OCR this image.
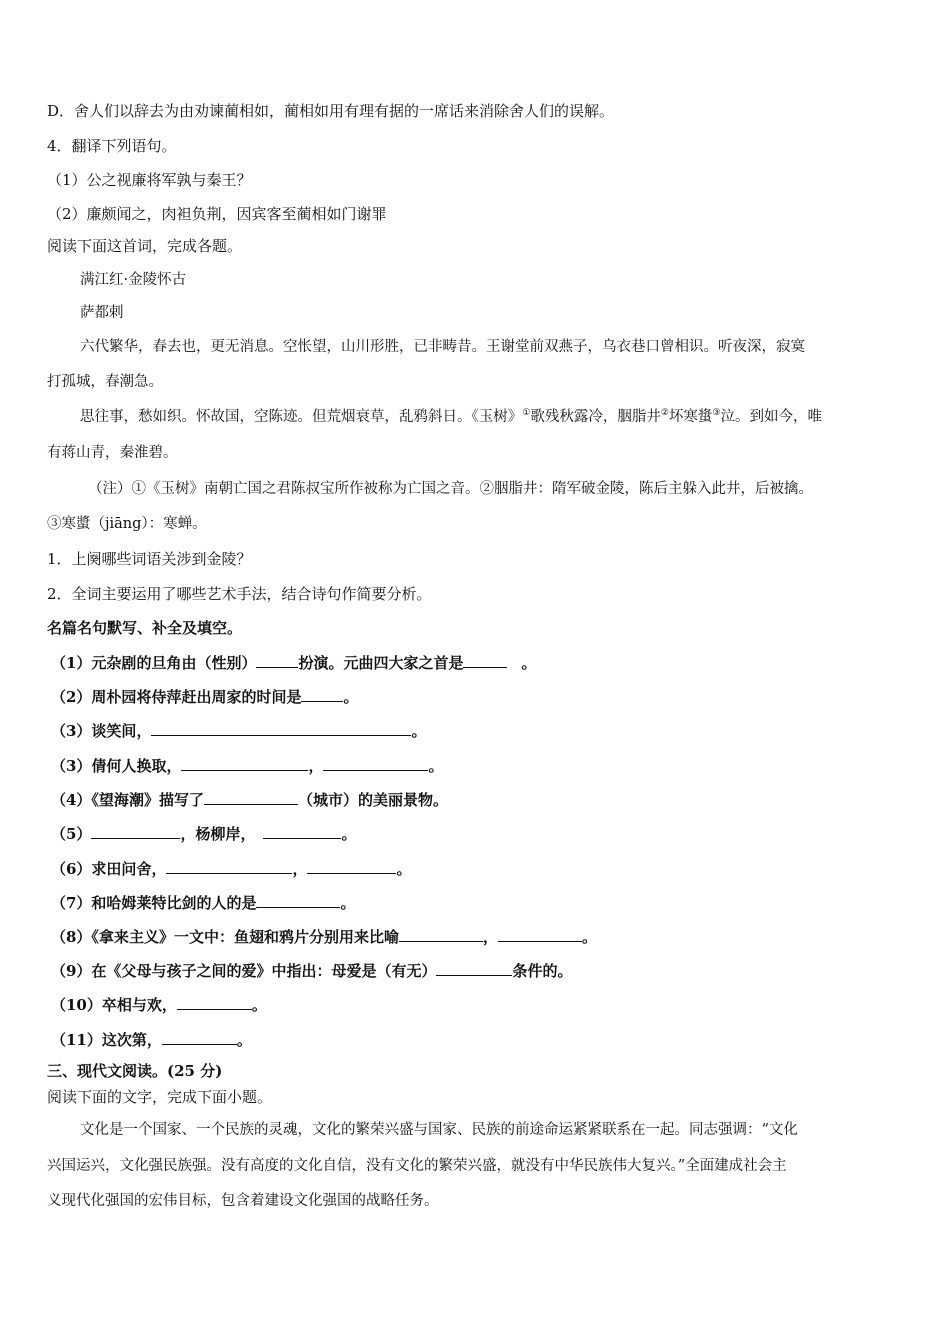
D．舍人们以辞去为由劝谏蔺相如，蔺相如用有理有据的一席话来消除舍人们的误解。
4．翻译下列语句。
（1）公之视廉将军孰与秦王？
（2）廉颇闻之，肉袒负荆，因宾客至蔺相如门谢罪
阅读下面这首词，完成各题。
满江红·金陵怀古
萨都剌
六代繁华，春去也，更无消息。空怅望，山川形胜，已非畴昔。王谢堂前双燕子，乌衣巷口曾相识。听夜深，寂寞
打孤城，春潮急。
思往事，愁如织。怀故国，空陈迹。但荒烟衰草，乱鸦斜日。《玉树》①歌残秋露冷，胭脂井②坏寒螀③泣。到如今，唯
有蒋山青，秦淮碧。
（注）①《玉树》南朝亡国之君陈叔宝所作被称为亡国之音。②胭脂井：隋军破金陵，陈后主躲入此井，后被擒。
③寒螿（jiāng）：寒蝉。
1．上阕哪些词语关涉到金陵？
2．全词主要运用了哪些艺术手法，结合诗句作简要分析。
名篇名句默写、补全及填空。
（1）元杂剧的旦角由（性别）	扮演。元曲四大家之首是	。
（2）周朴园将侍萍赶出周家的时间是	。
（3）谈笑间，	。
（3）倩何人换取，	，	。
（4）《望海潮》描写了	（城市）的美丽景物。
（5）	，杨柳岸，	。
（6）求田问舍，	，	。
（7）和哈姆莱特比剑的人的是	。
（8）《拿来主义》一文中：鱼翅和鸦片分别用来比喻	，	。
（9）在《父母与孩子之间的爱》中指出：母爱是（有无）	条件的。
（10）卒相与欢，	。
（11）这次第，	。
三、现代文阅读。(25 分)
阅读下面的文字，完成下面小题。
文化是一个国家、一个民族的灵魂，文化的繁荣兴盛与国家、民族的前途命运紧紧联系在一起。同志强调：“文化
兴国运兴，文化强民族强。没有高度的文化自信，没有文化的繁荣兴盛，就没有中华民族伟大复兴。”全面建成社会主
义现代化强国的宏伟目标，包含着建设文化强国的战略任务。
